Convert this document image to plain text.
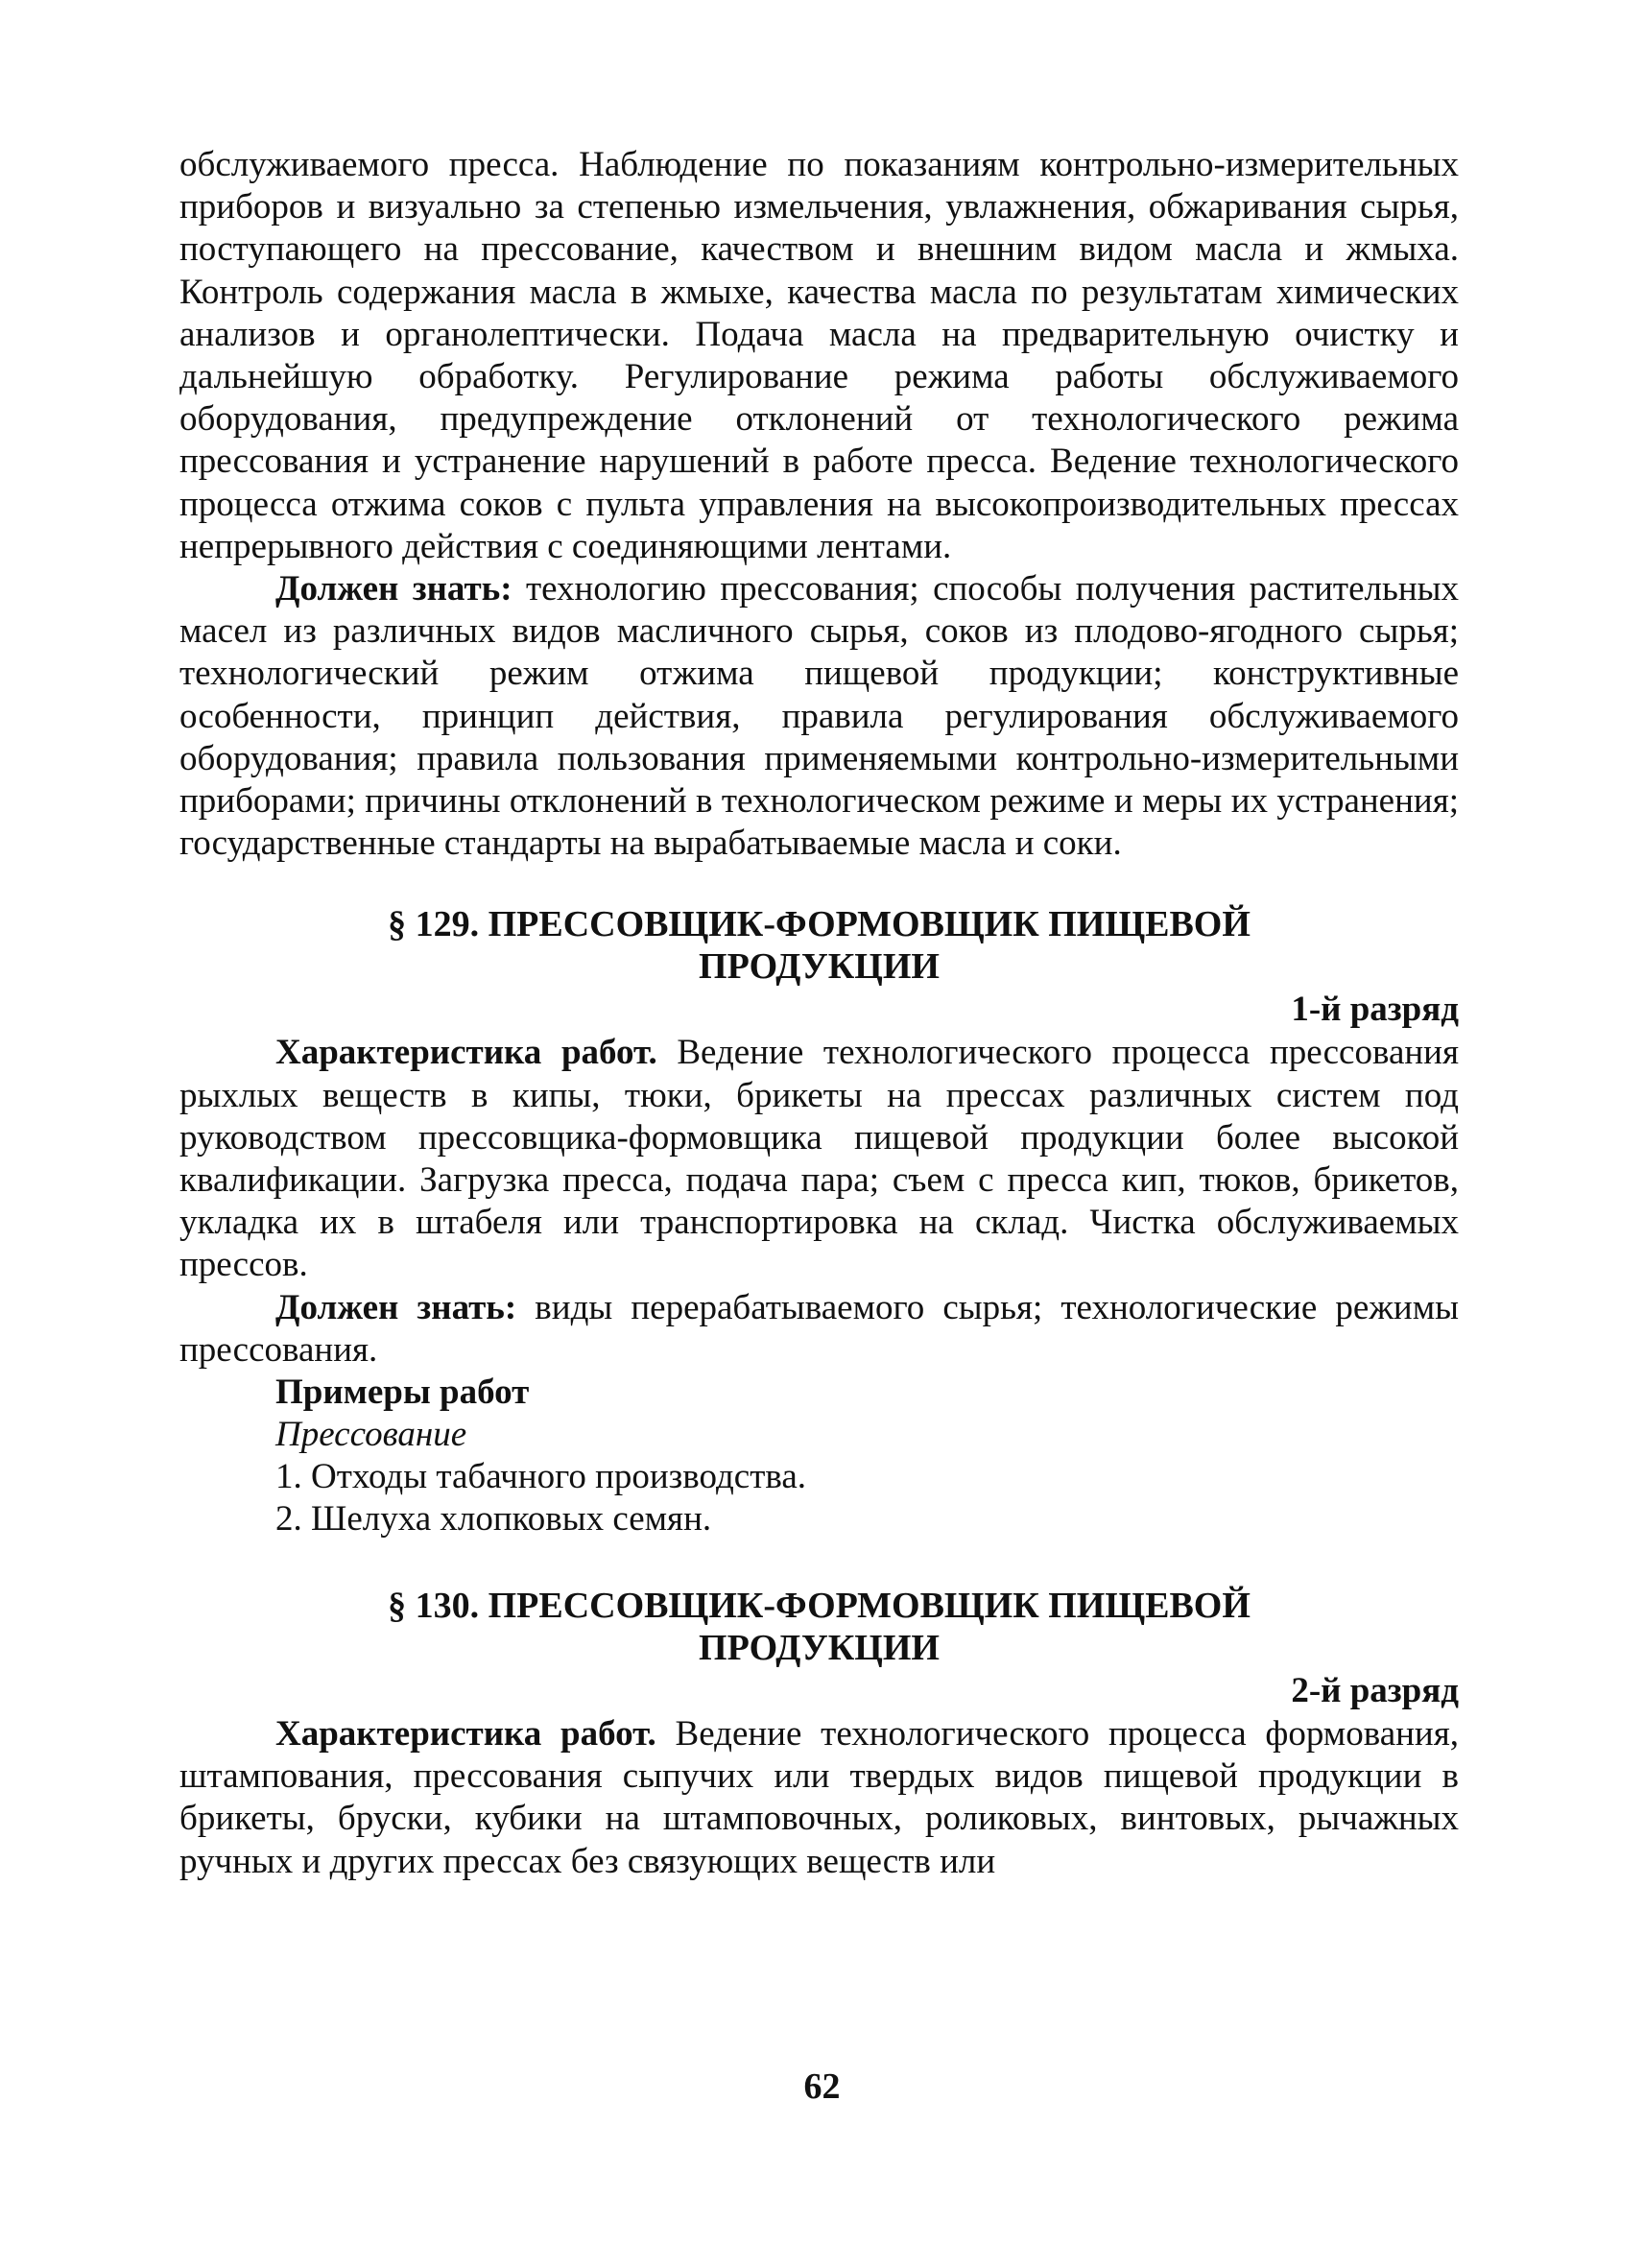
обслуживаемого пресса. Наблюдение по показаниям контрольно-измерительных приборов и визуально за степенью измельчения, увлажнения, обжаривания сырья, поступающего на прессование, качеством и внешним видом масла и жмыха. Контроль содержания масла в жмыхе, качества масла по результатам химических анализов и органолептически. Подача масла на предварительную очистку и дальнейшую обработку. Регулирование режима работы обслуживаемого оборудования, предупреждение отклонений от технологического режима прессования и устранение нарушений в работе пресса. Ведение технологического процесса отжима соков с пульта управления на высокопроизводительных прессах непрерывного действия с соединяющими лентами.

Должен знать: технологию прессования; способы получения растительных масел из различных видов масличного сырья, соков из плодово-ягодного сырья; технологический режим отжима пищевой продукции; конструктивные особенности, принцип действия, правила регулирования обслуживаемого оборудования; правила пользования применяемыми контрольно-измерительными приборами; причины отклонений в технологическом режиме и меры их устранения; государственные стандарты на вырабатываемые масла и соки.

§ 129. ПРЕССОВЩИК-ФОРМОВЩИК ПИЩЕВОЙ
ПРОДУКЦИИ
1-й разряд

Характеристика работ. Ведение технологического процесса прессования рыхлых веществ в кипы, тюки, брикеты на прессах различных систем под руководством прессовщика-формовщика пищевой продукции более высокой квалификации. Загрузка пресса, подача пара; съем с пресса кип, тюков, брикетов, укладка их в штабеля или транспортировка на склад. Чистка обслуживаемых прессов.

Должен знать: виды перерабатываемого сырья; технологические режимы прессования.

Примеры работ
Прессование
1. Отходы табачного производства.
2. Шелуха хлопковых семян.
§ 130. ПРЕССОВЩИК-ФОРМОВЩИК ПИЩЕВОЙ
ПРОДУКЦИИ
2-й разряд

Характеристика работ. Ведение технологического процесса формования, штампования, прессования сыпучих или твердых видов пищевой продукции в брикеты, бруски, кубики на штамповочных, роликовых, винтовых, рычажных ручных и других прессах без связующих веществ или

62
